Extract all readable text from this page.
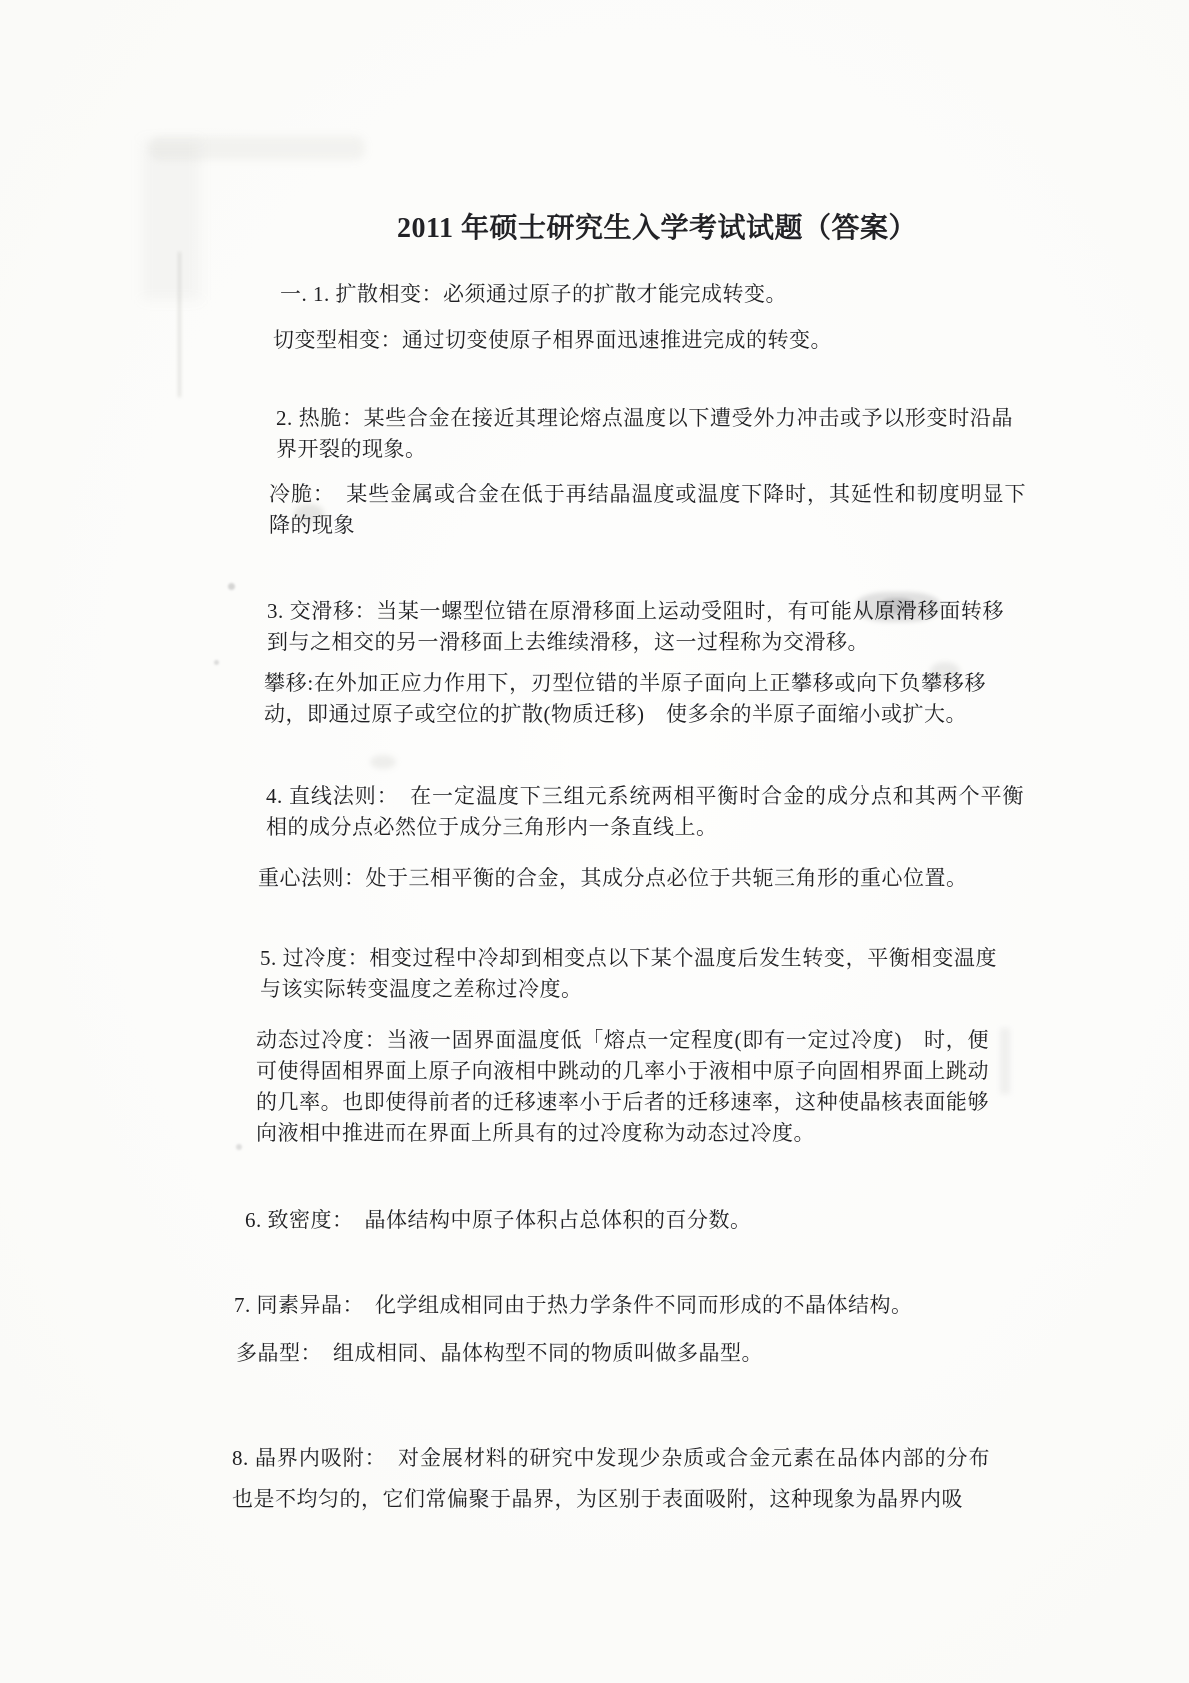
2011 年硕士研究生入学考试试题（答案）
一. 1. 扩散相变：必须通过原子的扩散才能完成转变。
切变型相变：通过切变使原子相界面迅速推进完成的转变。
2. 热脆：某些合金在接近其理论熔点温度以下遭受外力冲击或予以形变时沿晶界开裂的现象。
冷脆：　某些金属或合金在低于再结晶温度或温度下降时，其延性和韧度明显下降的现象
3. 交滑移：当某一螺型位错在原滑移面上运动受阻时，有可能从原滑移面转移到与之相交的另一滑移面上去维续滑移，这一过程称为交滑移。
攀移:在外加正应力作用下，刃型位错的半原子面向上正攀移或向下负攀移移动，即通过原子或空位的扩散(物质迁移)　使多余的半原子面缩小或扩大。
4. 直线法则：　在一定温度下三组元系统两相平衡时合金的成分点和其两个平衡相的成分点必然位于成分三角形内一条直线上。
重心法则：处于三相平衡的合金，其成分点必位于共轭三角形的重心位置。
5. 过冷度：相变过程中冷却到相变点以下某个温度后发生转变，平衡相变温度与该实际转变温度之差称过冷度。
动态过冷度：当液一固界面温度低「熔点一定程度(即有一定过冷度)　时，便可使得固相界面上原子向液相中跳动的几率小于液相中原子向固相界面上跳动的几率。也即使得前者的迁移速率小于后者的迁移速率，这种使晶核表面能够向液相中推进而在界面上所具有的过冷度称为动态过冷度。
6. 致密度：　晶体结构中原子体积占总体积的百分数。
7. 同素异晶：　化学组成相同由于热力学条件不同而形成的不晶体结构。
多晶型：　组成相同、晶体构型不同的物质叫做多晶型。
8. 晶界内吸附：　对金展材料的研究中发现少杂质或合金元素在品体内部的分布也是不均匀的，它们常偏聚于晶界，为区别于表面吸附，这种现象为晶界内吸
